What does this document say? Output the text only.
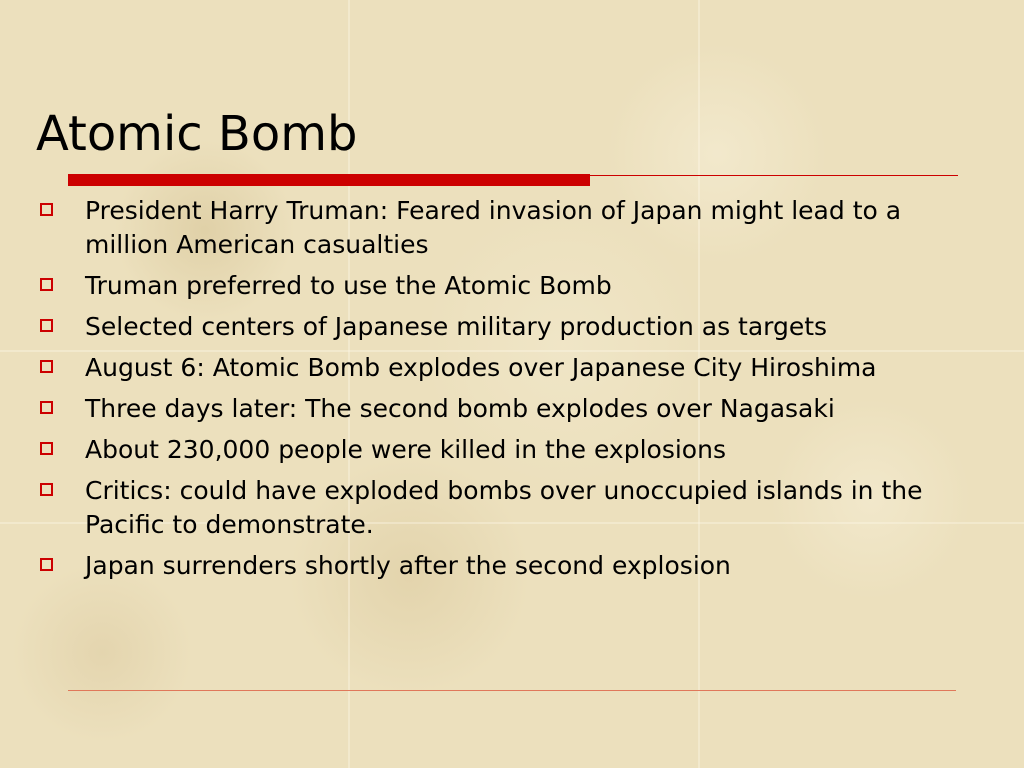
Atomic Bomb
President Harry Truman: Feared invasion of Japan might lead to a million American casualties
Truman preferred to use the Atomic Bomb
Selected centers of Japanese military production as targets
August 6: Atomic Bomb explodes over Japanese City Hiroshima
Three days later: The second bomb explodes over Nagasaki
About 230,000 people were killed in the explosions
Critics: could have exploded bombs over unoccupied islands in the Pacific to demonstrate.
Japan surrenders shortly after the second explosion
